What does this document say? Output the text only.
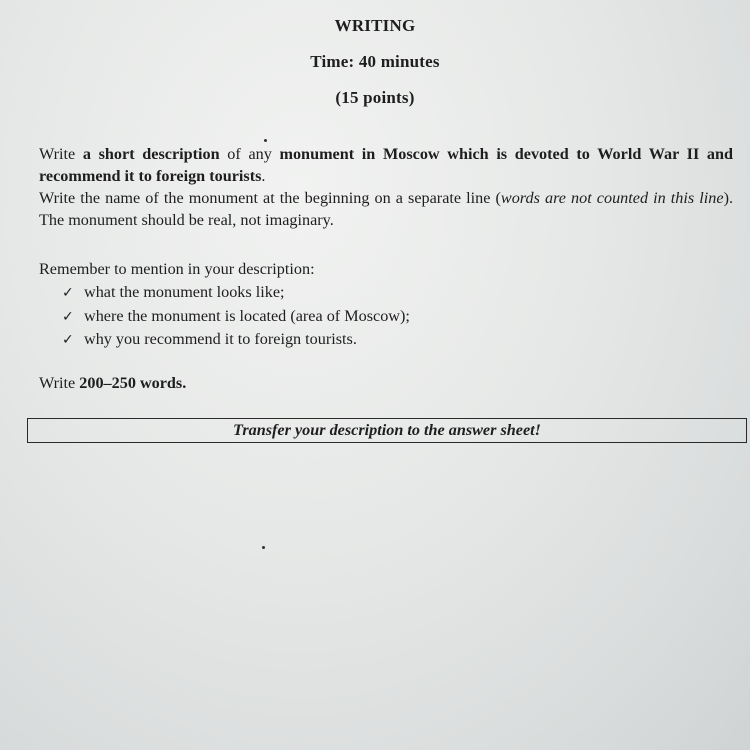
WRITING
Time: 40 minutes
(15 points)
Write a short description of any monument in Moscow which is devoted to World War II and recommend it to foreign tourists.
Write the name of the monument at the beginning on a separate line (words are not counted in this line). The monument should be real, not imaginary.
Remember to mention in your description:
✓ what the monument looks like;
✓ where the monument is located (area of Moscow);
✓ why you recommend it to foreign tourists.
Write 200–250 words.
Transfer your description to the answer sheet!
